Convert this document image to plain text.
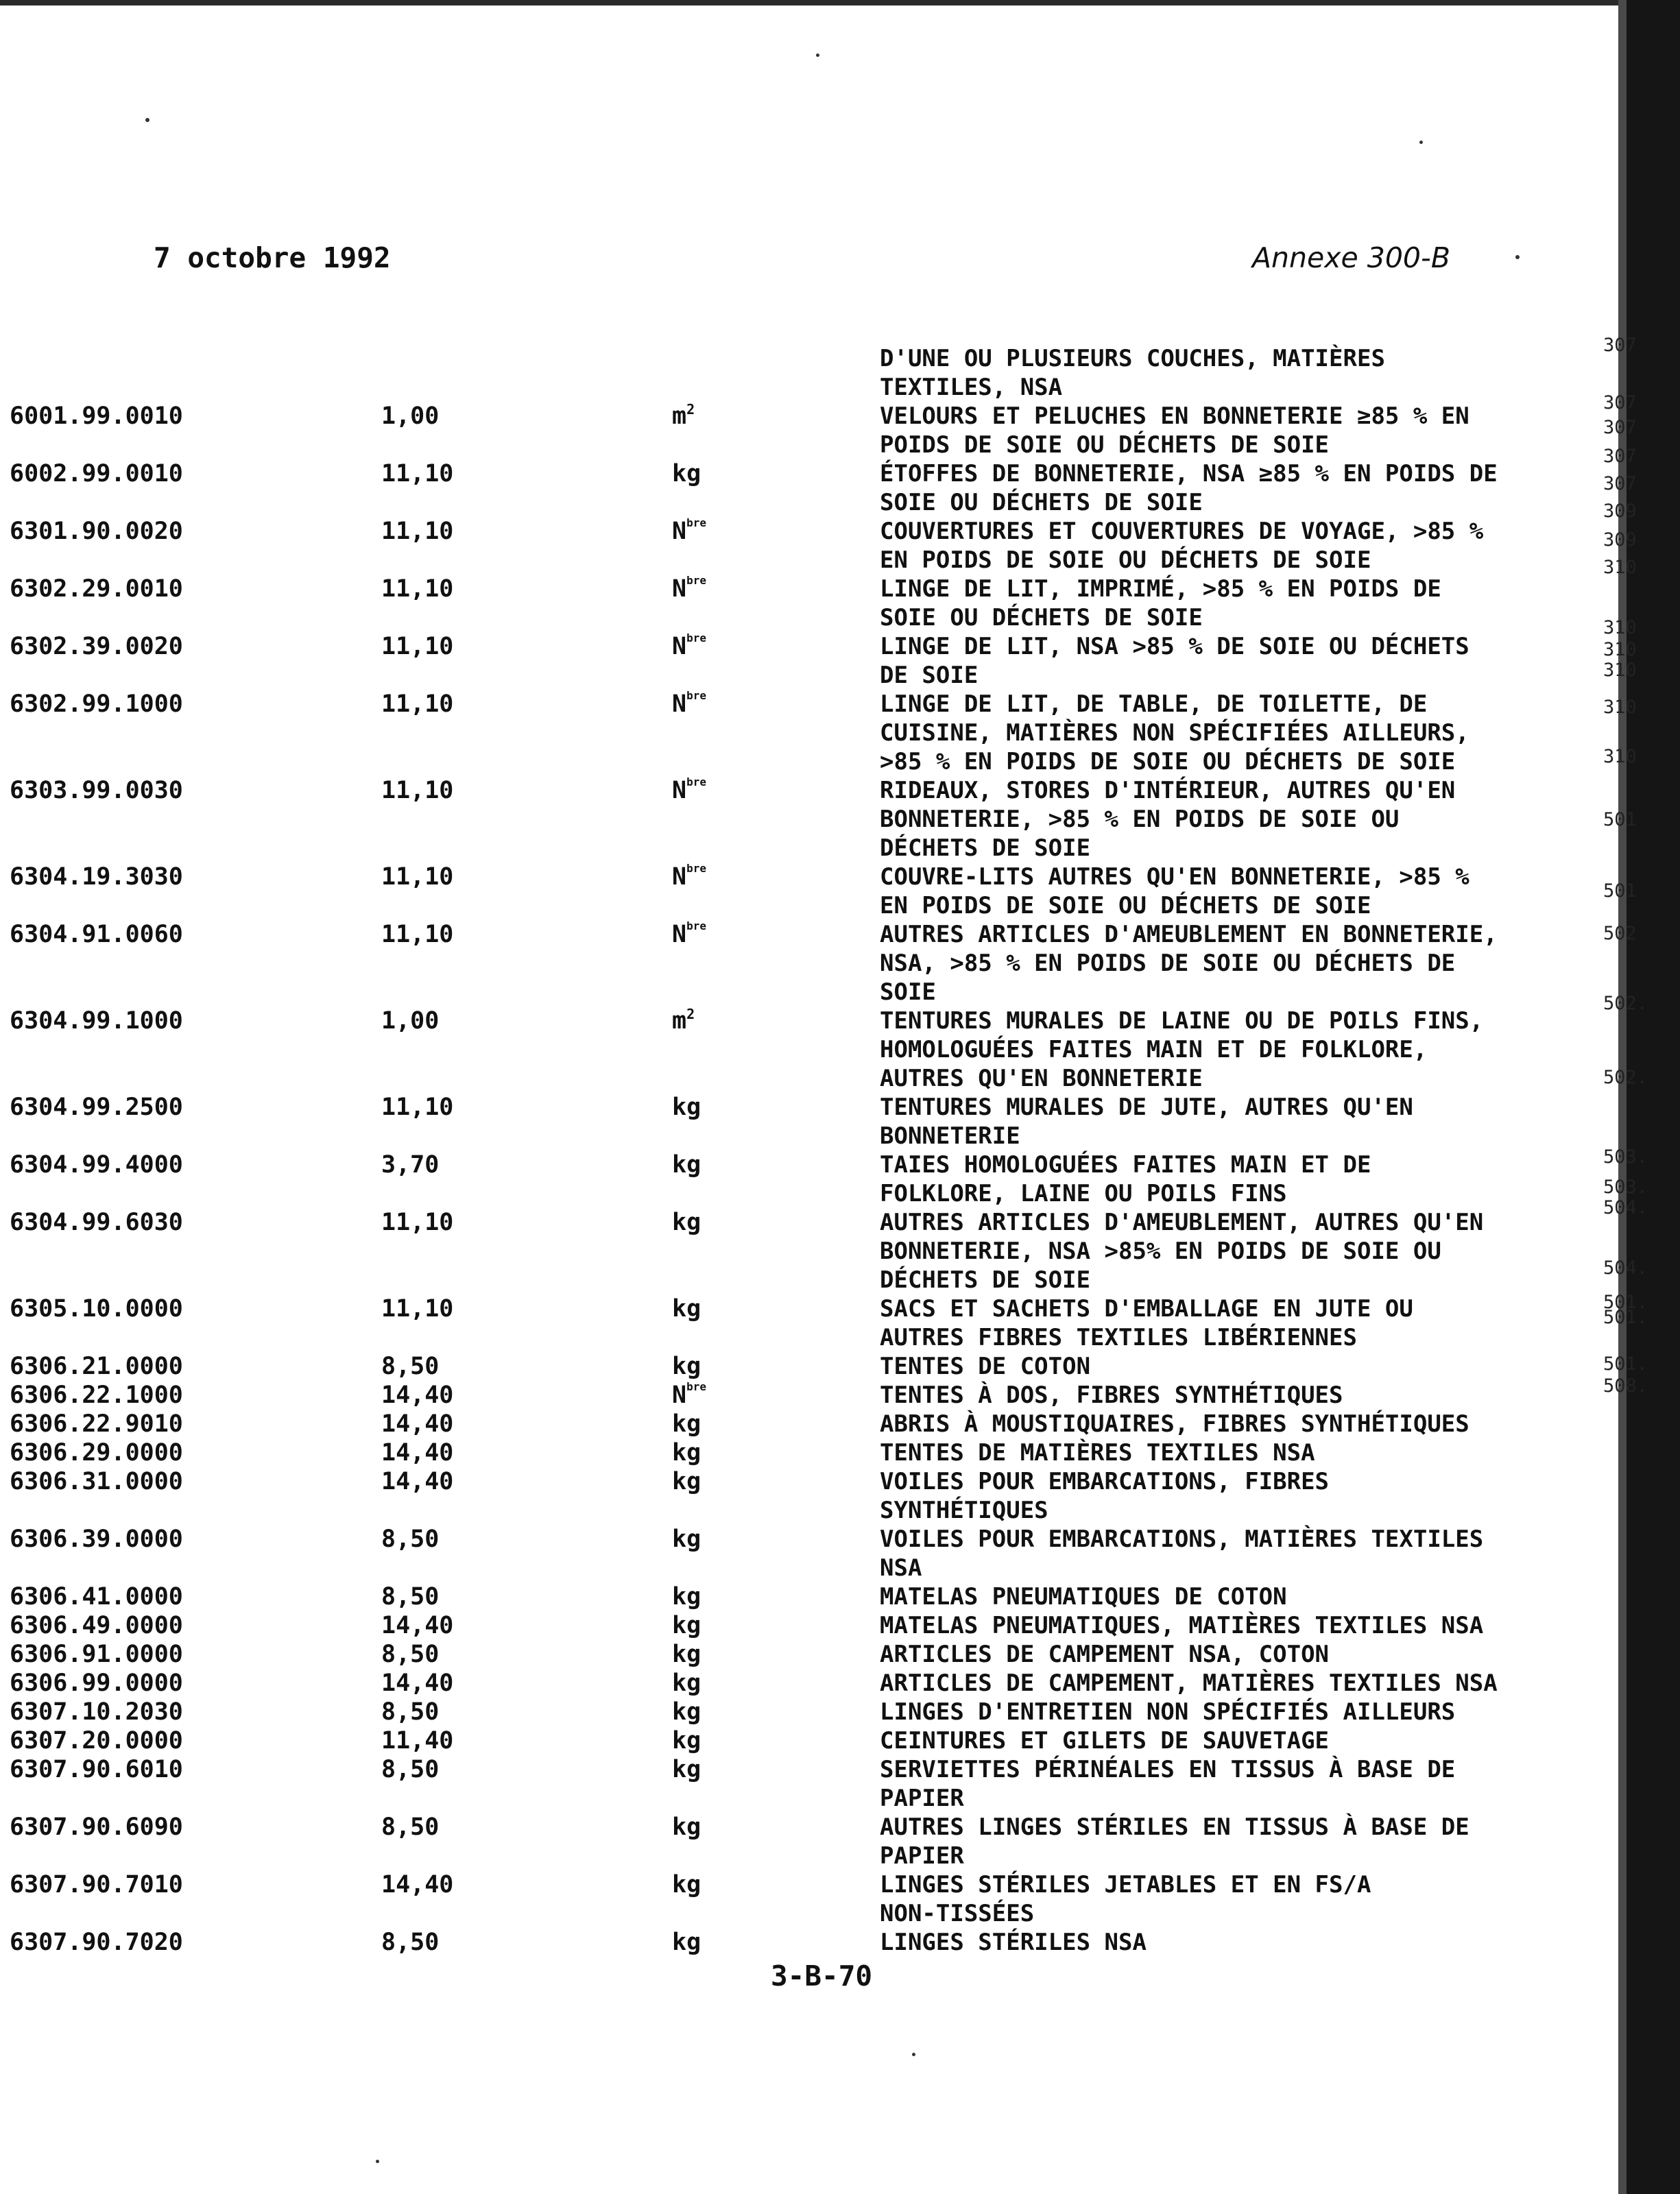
307
307
307
307
307
309
309
310
310
310
310
310
310
501
501
502
502.
502.
503.
503.
504.
504.
501.
501.
501.
508.
7 octobre 1992	Annexe 300-B
D'UNE OU PLUSIEURS COUCHES, MATIÈRES
TEXTILES, NSA
6001.99.0010	1,00	$m^2$	VELOURS ET PELUCHES EN BONNETERIE ≥85 % EN
POIDS DE SOIE OU DÉCHETS DE SOIE
6002.99.0010	11,10	kg	ÉTOFFES DE BONNETERIE, NSA ≥85 % EN POIDS DE
SOIE OU DÉCHETS DE SOIE
6301.90.0020	11,10	$N^{bre}$	COUVERTURES ET COUVERTURES DE VOYAGE, >85 %
EN POIDS DE SOIE OU DÉCHETS DE SOIE
6302.29.0010	11,10	$N^{bre}$	LINGE DE LIT, IMPRIMÉ, >85 % EN POIDS DE
SOIE OU DÉCHETS DE SOIE
6302.39.0020	11,10	$N^{bre}$	LINGE DE LIT, NSA >85 % DE SOIE OU DÉCHETS
DE SOIE
6302.99.1000	11,10	$N^{bre}$	LINGE DE LIT, DE TABLE, DE TOILETTE, DE
CUISINE, MATIÈRES NON SPÉCIFIÉES AILLEURS,
>85 % EN POIDS DE SOIE OU DÉCHETS DE SOIE
6303.99.0030	11,10	$N^{bre}$	RIDEAUX, STORES D'INTÉRIEUR, AUTRES QU'EN
BONNETERIE, >85 % EN POIDS DE SOIE OU
DÉCHETS DE SOIE
6304.19.3030	11,10	$N^{bre}$	COUVRE-LITS AUTRES QU'EN BONNETERIE, >85 %
EN POIDS DE SOIE OU DÉCHETS DE SOIE
6304.91.0060	11,10	$N^{bre}$	AUTRES ARTICLES D'AMEUBLEMENT EN BONNETERIE,
NSA, >85 % EN POIDS DE SOIE OU DÉCHETS DE
SOIE
6304.99.1000	1,00	$m^2$	TENTURES MURALES DE LAINE OU DE POILS FINS,
HOMOLOGUÉES FAITES MAIN ET DE FOLKLORE,
AUTRES QU'EN BONNETERIE
6304.99.2500	11,10	kg	TENTURES MURALES DE JUTE, AUTRES QU'EN
BONNETERIE
6304.99.4000	3,70	kg	TAIES HOMOLOGUÉES FAITES MAIN ET DE
FOLKLORE, LAINE OU POILS FINS
6304.99.6030	11,10	kg	AUTRES ARTICLES D'AMEUBLEMENT, AUTRES QU'EN
BONNETERIE, NSA >85% EN POIDS DE SOIE OU
DÉCHETS DE SOIE
6305.10.0000	11,10	kg	SACS ET SACHETS D'EMBALLAGE EN JUTE OU
AUTRES FIBRES TEXTILES LIBÉRIENNES
6306.21.0000	8,50	kg	TENTES DE COTON
6306.22.1000	14,40	$N^{bre}$	TENTES À DOS, FIBRES SYNTHÉTIQUES
6306.22.9010	14,40	kg	ABRIS À MOUSTIQUAIRES, FIBRES SYNTHÉTIQUES
6306.29.0000	14,40	kg	TENTES DE MATIÈRES TEXTILES NSA
6306.31.0000	14,40	kg	VOILES POUR EMBARCATIONS, FIBRES
SYNTHÉTIQUES
6306.39.0000	8,50	kg	VOILES POUR EMBARCATIONS, MATIÈRES TEXTILES
NSA
6306.41.0000	8,50	kg	MATELAS PNEUMATIQUES DE COTON
6306.49.0000	14,40	kg	MATELAS PNEUMATIQUES, MATIÈRES TEXTILES NSA
6306.91.0000	8,50	kg	ARTICLES DE CAMPEMENT NSA, COTON
6306.99.0000	14,40	kg	ARTICLES DE CAMPEMENT, MATIÈRES TEXTILES NSA
6307.10.2030	8,50	kg	LINGES D'ENTRETIEN NON SPÉCIFIÉS AILLEURS
6307.20.0000	11,40	kg	CEINTURES ET GILETS DE SAUVETAGE
6307.90.6010	8,50	kg	SERVIETTES PÉRINÉALES EN TISSUS À BASE DE
PAPIER
6307.90.6090	8,50	kg	AUTRES LINGES STÉRILES EN TISSUS À BASE DE
PAPIER
6307.90.7010	14,40	kg	LINGES STÉRILES JETABLES ET EN FS/A
NON-TISSÉES
6307.90.7020	8,50	kg	LINGES STÉRILES NSA
3-B-70
